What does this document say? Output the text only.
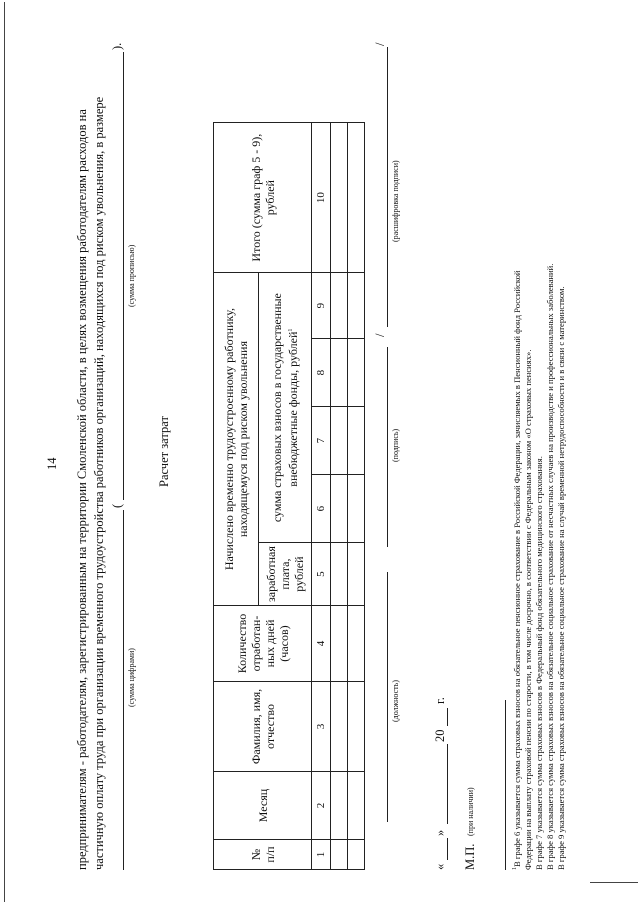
14 предпринимателям - работодателям, зарегистрированным на территории Смоленской области, в целях возмещения работодателям расходов на частичную оплату труда при организации временного трудоустройства работников организаций, находящихся под риском увольнения, в размере (
).
(сумма цифрами)
(сумма прописью)
Расчет затрат
№ п/п	Месяц	Фамилия, имя, отчество	Количество отработан-ных дней (часов)	Начислено временно трудоустроенному работнику, находящемуся под риском увольнения					Итого (сумма граф 5 - 9), рублей
				заработная плата, рублей	сумма страховых взносов в государственные внебюджетные фонды, рублей$^1$
1	2	3	4	5	6	7	8	9	10

(должность)
(подпись)
/
/
(расшифровка подписи)
«
»
20
г.
М.П.
(при наличии)
$^1$В графе 6 указывается сумма страховых взносов на обязательное пенсионное страхование в Российской Федерации, зачисляемых в Пенсионный фонд Российской Федерации на выплату страховой пенсии по старости, в том числе досрочно, в соответствии с Федеральным законом «О страховых пенсиях». В графе 7 указывается сумма страховых взносов в Федеральный фонд обязательного медицинского страхования. В графе 8 указывается сумма страховых взносов на обязательное социальное страхование от несчастных случаев на производстве и профессиональных заболеваний. В графе 9 указывается сумма страховых взносов на обязательное социальное страхование на случай временной нетрудоспособности и в связи с материнством.
